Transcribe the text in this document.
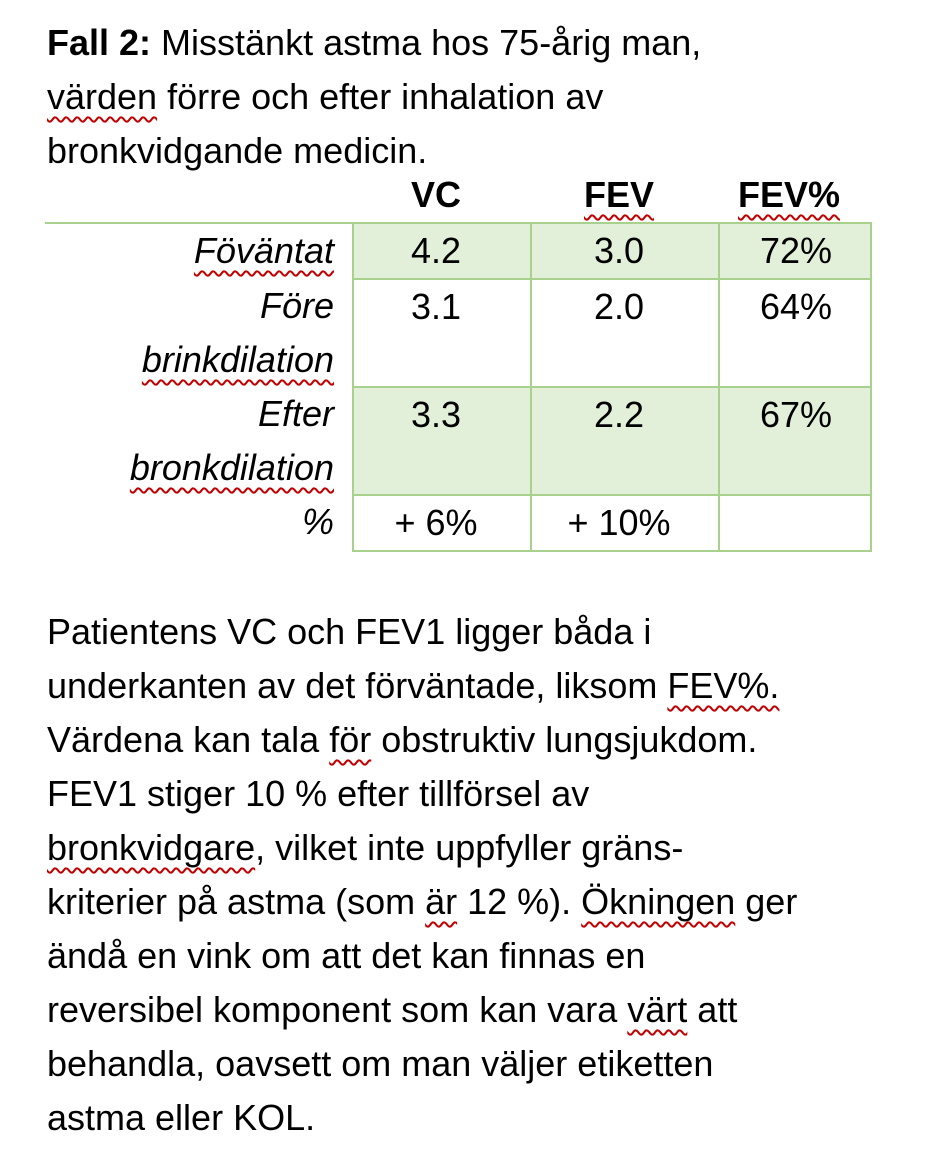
Fall 2: Misstänkt astma hos 75-årig man,
värden förre och efter inhalation av
bronkvidgande medicin.
	VC	FEV	FEV%
Föväntat	4.2	3.0	72%
Före
brinkdilation	3.1	2.0	64%
Efter
bronkdilation	3.3	2.2	67%
%	+ 6%	+ 10%	

Patientens VC och FEV1 ligger båda i
underkanten av det förväntade, liksom FEV%.
Värdena kan tala för obstruktiv lungsjukdom.
FEV1 stiger 10 % efter tillförsel av
bronkvidgare, vilket inte uppfyller gräns-
kriterier på astma (som är 12 %). Ökningen ger
ändå en vink om att det kan finnas en
reversibel komponent som kan vara värt att
behandla, oavsett om man väljer etiketten
astma eller KOL.
